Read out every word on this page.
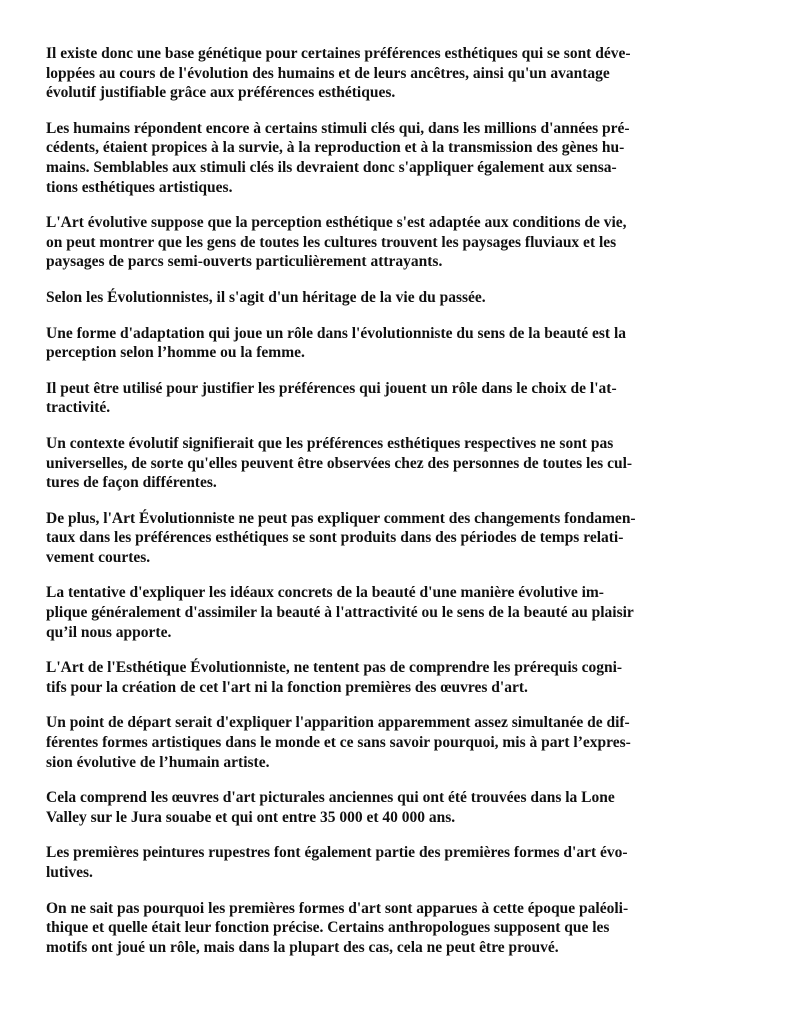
Il existe donc une base génétique pour certaines préférences esthétiques qui se sont déve-
loppées au cours de l'évolution des humains et de leurs ancêtres, ainsi qu'un avantage
évolutif justifiable grâce aux préférences esthétiques.

Les humains répondent encore à certains stimuli clés qui, dans les millions d'années pré-
cédents, étaient propices à la survie, à la reproduction et à la transmission des gènes hu-
mains. Semblables aux stimuli clés ils devraient donc s'appliquer également aux sensa-
tions esthétiques artistiques.

L'Art évolutive suppose que la perception esthétique s'est adaptée aux conditions de vie,
on peut montrer que les gens de toutes les cultures trouvent les paysages fluviaux et les
paysages de parcs semi-ouverts particulièrement attrayants.

Selon les Évolutionnistes, il s'agit d'un héritage de la vie du passée.

Une forme d'adaptation qui joue un rôle dans l'évolutionniste du sens de la beauté est la
perception selon l’homme ou la femme.

Il peut être utilisé pour justifier les préférences qui jouent un rôle dans le choix de l'at-
tractivité.

Un contexte évolutif signifierait que les préférences esthétiques respectives ne sont pas
universelles, de sorte qu'elles peuvent être observées chez des personnes de toutes les cul-
tures de façon différentes.

De plus, l'Art Évolutionniste ne peut pas expliquer comment des changements fondamen-
taux dans les préférences esthétiques se sont produits dans des périodes de temps relati-
vement courtes.

La tentative d'expliquer les idéaux concrets de la beauté d'une manière évolutive im-
plique généralement d'assimiler la beauté à l'attractivité ou le sens de la beauté au plaisir
qu’il nous apporte.

L'Art de l'Esthétique Évolutionniste, ne tentent pas de comprendre les prérequis cogni-
tifs pour la création de cet l'art ni la fonction premières des œuvres d'art.

Un point de départ serait d'expliquer l'apparition apparemment assez simultanée de dif-
férentes formes artistiques dans le monde et ce sans savoir pourquoi, mis à part l’expres-
sion évolutive de l’humain artiste.

Cela comprend les œuvres d'art picturales anciennes qui ont été trouvées dans la Lone
Valley sur le Jura souabe et qui ont entre 35 000 et 40 000 ans.

Les premières peintures rupestres font également partie des premières formes d'art évo-
lutives.

On ne sait pas pourquoi les premières formes d'art sont apparues à cette époque paléoli-
thique et quelle était leur fonction précise. Certains anthropologues supposent que les
motifs ont joué un rôle, mais dans la plupart des cas, cela ne peut être prouvé.
